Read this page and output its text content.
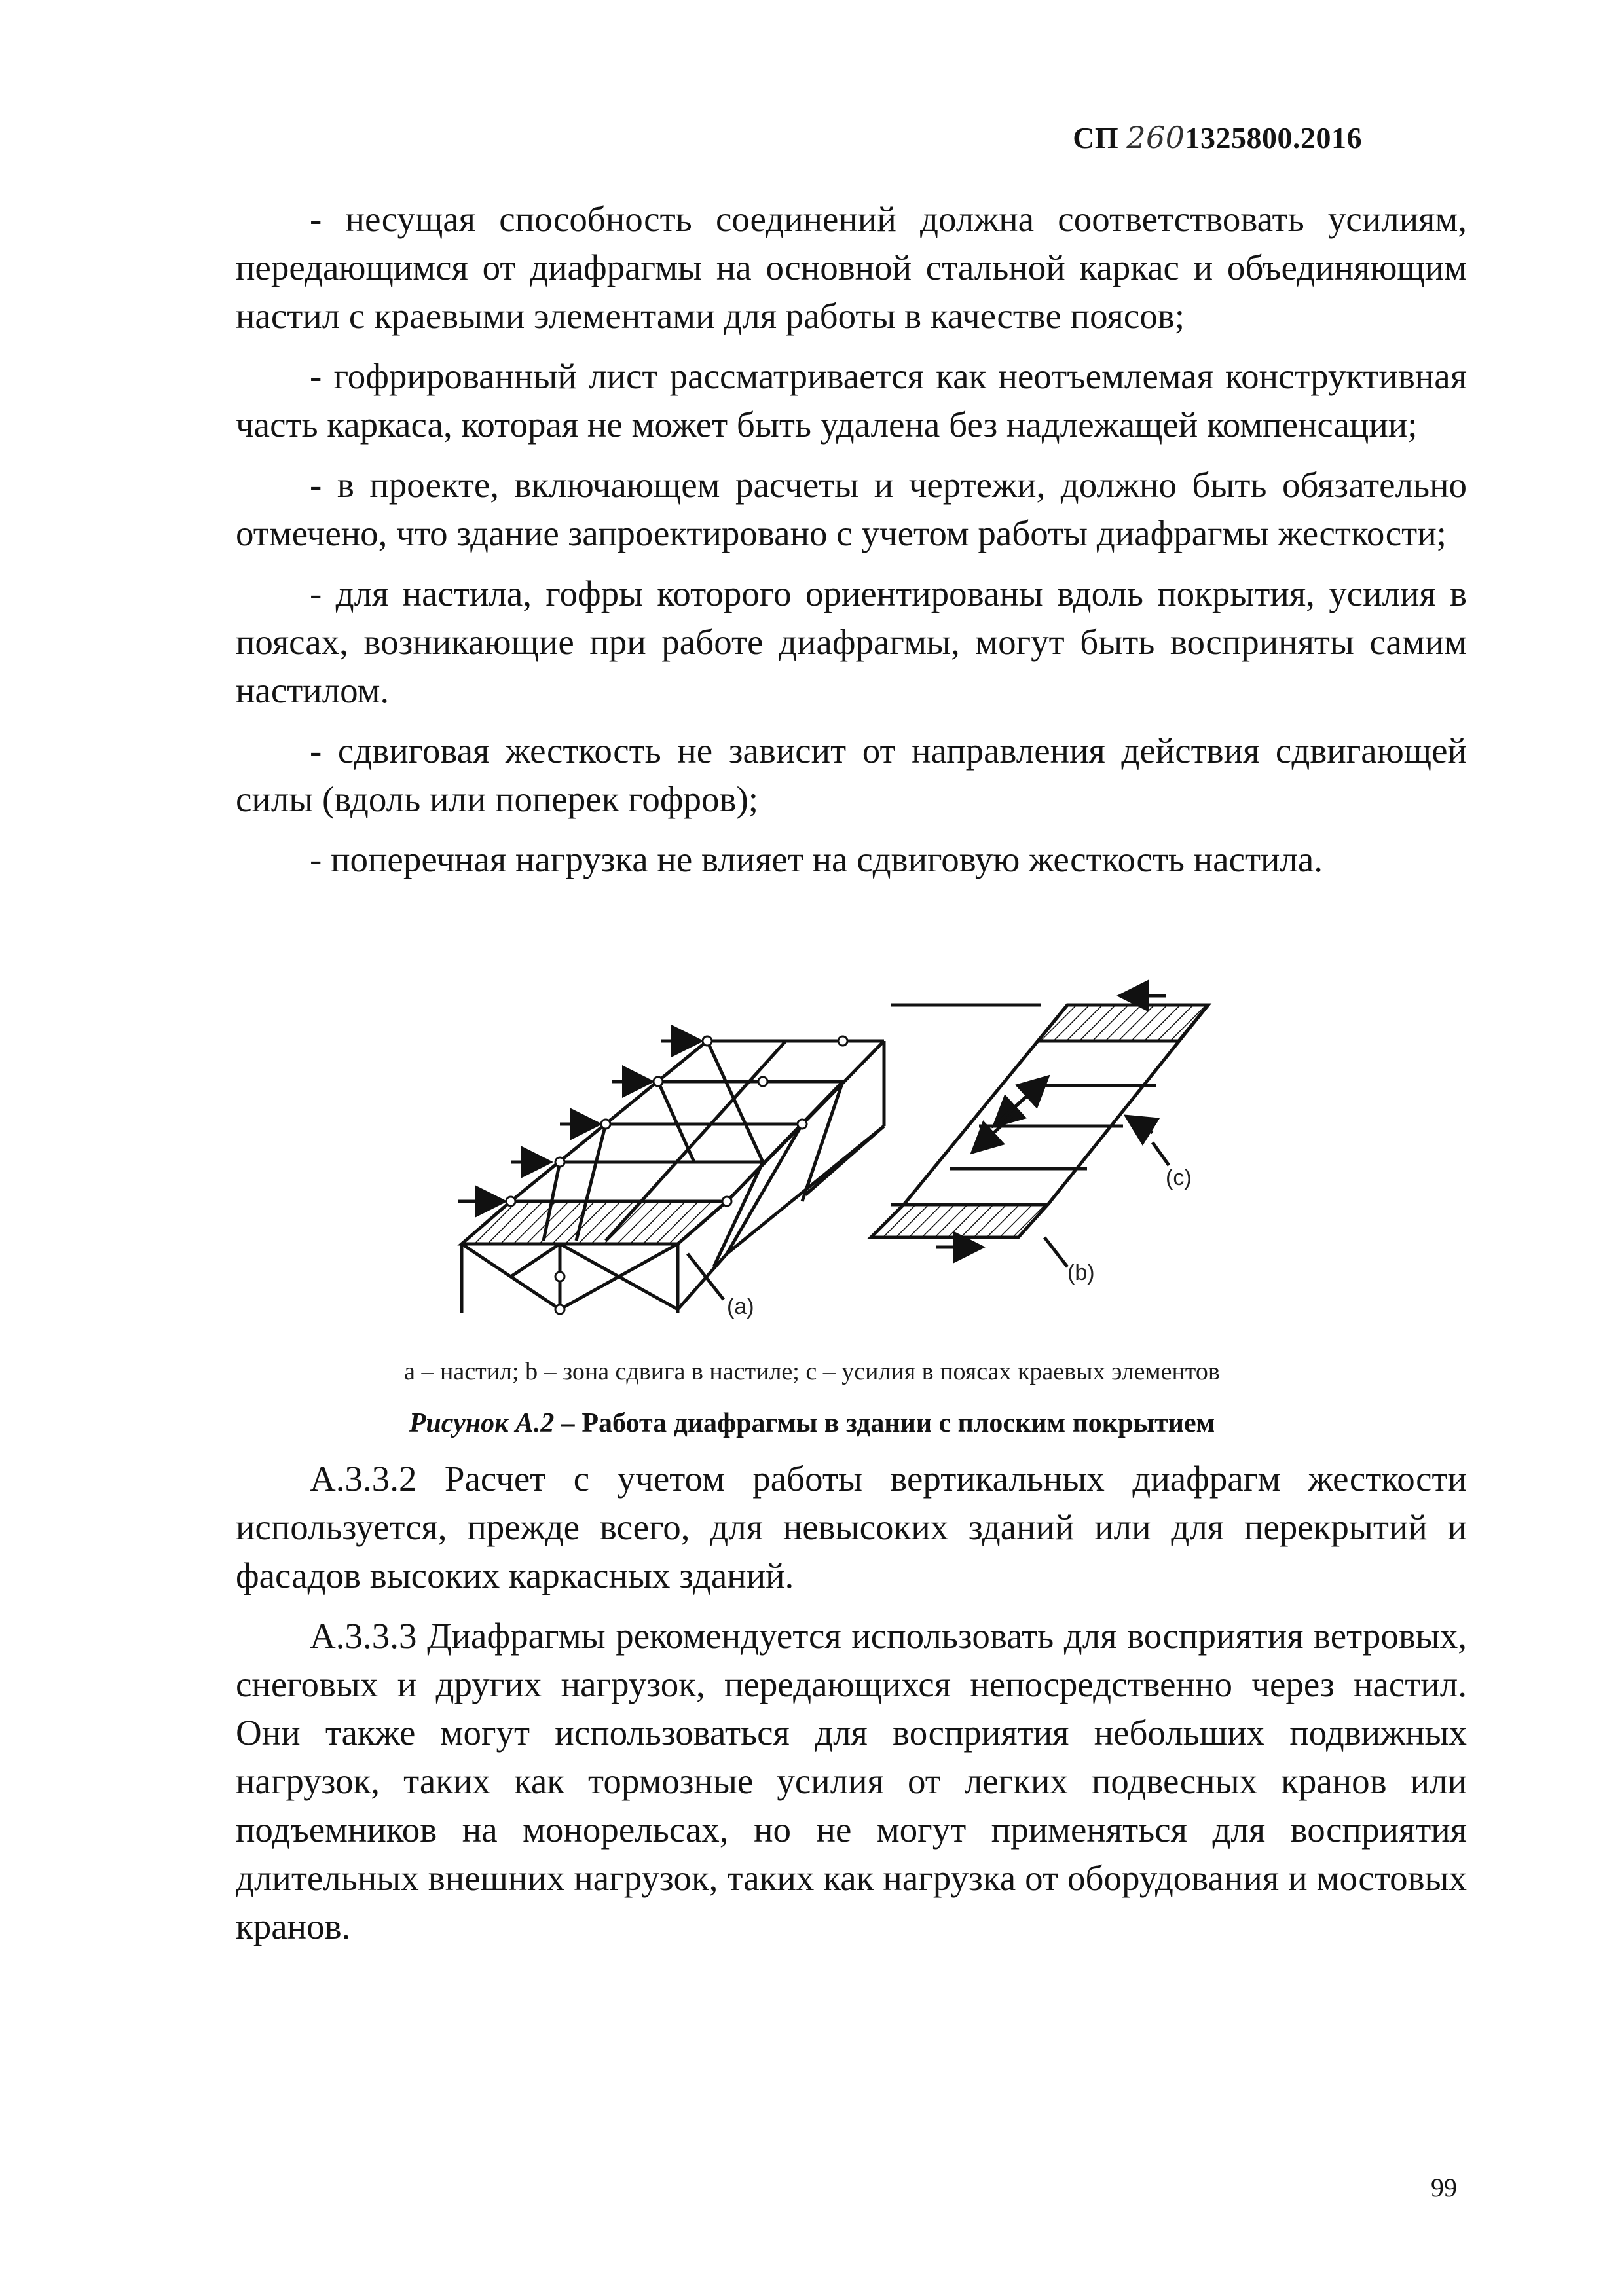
СП 2601325800.2016

- несущая способность соединений должна соответствовать усилиям, передающимся от диафрагмы на основной стальной каркас и объединяющим настил с краевыми элементами для работы в качестве поясов;

- гофрированный лист рассматривается как неотъемлемая конструктивная часть каркаса, которая не может быть удалена без надлежащей компенсации;

- в проекте, включающем расчеты и чертежи, должно быть обязательно отмечено, что здание запроектировано с учетом работы диафрагмы жесткости;

- для настила, гофры которого ориентированы вдоль покрытия, усилия в поясах, возникающие при работе диафрагмы, могут быть восприняты самим настилом.

- сдвиговая жесткость не зависит от направления действия сдвигающей силы (вдоль или поперек гофров);

- поперечная нагрузка не влияет на сдвиговую жесткость настила.

(a)
(b)
(c)
a – настил; b – зона сдвига в настиле; c – усилия в поясах краевых элементов
Рисунок А.2 – Работа диафрагмы в здании с плоским покрытием

А.3.3.2 Расчет с учетом работы вертикальных диафрагм жесткости используется, прежде всего, для невысоких зданий или для перекрытий и фасадов высоких каркасных зданий.

А.3.3.3 Диафрагмы рекомендуется использовать для восприятия ветровых, снеговых и других нагрузок, передающихся непосредственно через настил. Они также могут использоваться для восприятия небольших подвижных нагрузок, таких как тормозные усилия от легких подвесных кранов или подъемников на монорельсах, но не могут применяться для восприятия длительных внешних нагрузок, таких как нагрузка от оборудования и мостовых кранов.

99
